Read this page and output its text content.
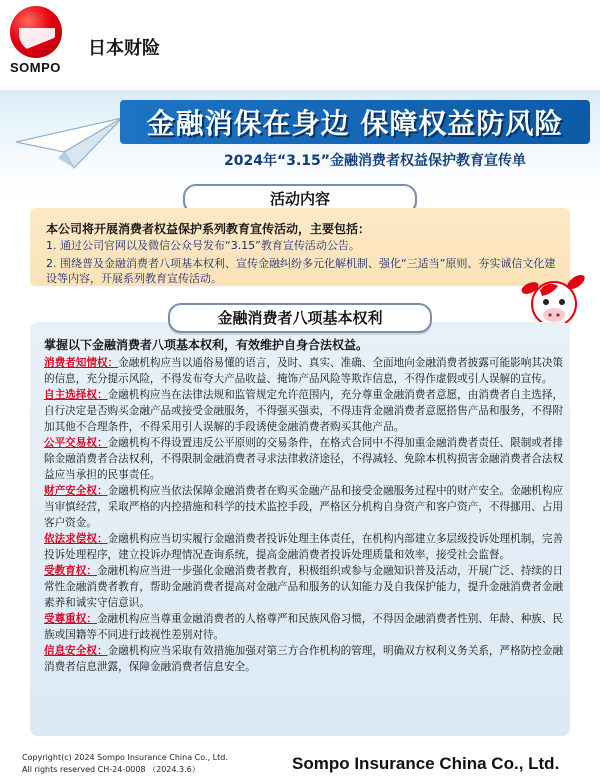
SOMPO
日本财险
金融消保在身边 保障权益防风险
2024年“3.15”金融消费者权益保护教育宣传单
活动内容
本公司将开展消费者权益保护系列教育宣传活动，主要包括：
1. 通过公司官网以及微信公众号发布“3.15”教育宣传活动公告。
2. 围绕普及金融消费者八项基本权利、宣传金融纠纷多元化解机制、强化“三适当”原则、夯实诚信文化建设等内容，开展系列教育宣传活动。
掌握以下金融消费者八项基本权利，有效维护自身合法权益。

消费者知情权：金融机构应当以通俗易懂的语言，及时、真实、准确、全面地向金融消费者披露可能影响其决策的信息，充分提示风险，不得发布夸大产品收益、掩饰产品风险等欺诈信息，不得作虚假或引人误解的宣传。

自主选择权：金融机构应当在法律法规和监管规定允许范围内，充分尊重金融消费者意愿，由消费者自主选择，自行决定是否购买金融产品或接受金融服务，不得强买强卖，不得违背金融消费者意愿搭售产品和服务，不得附加其他不合理条件，不得采用引人误解的手段诱使金融消费者购买其他产品。

公平交易权：金融机构不得设置违反公平原则的交易条件，在格式合同中不得加重金融消费者责任、限制或者排除金融消费者合法权利，不得限制金融消费者寻求法律救济途径，不得减轻、免除本机构损害金融消费者合法权益应当承担的民事责任。

财产安全权：金融机构应当依法保障金融消费者在购买金融产品和接受金融服务过程中的财产安全。金融机构应当审慎经营，采取严格的内控措施和科学的技术监控手段，严格区分机构自身资产和客户资产，不得挪用、占用客户资金。

依法求偿权：金融机构应当切实履行金融消费者投诉处理主体责任，在机构内部建立多层级投诉处理机制，完善投诉处理程序，建立投诉办理情况查询系统，提高金融消费者投诉处理质量和效率，接受社会监督。

受教育权：金融机构应当进一步强化金融消费者教育，积极组织或参与金融知识普及活动，开展广泛、持续的日常性金融消费者教育，帮助金融消费者提高对金融产品和服务的认知能力及自我保护能力，提升金融消费者金融素养和诚实守信意识。

受尊重权：金融机构应当尊重金融消费者的人格尊严和民族风俗习惯，不得因金融消费者性别、年龄、种族、民族或国籍等不同进行歧视性差别对待。

信息安全权：金融机构应当采取有效措施加强对第三方合作机构的管理，明确双方权利义务关系，严格防控金融消费者信息泄露，保障金融消费者信息安全。

金融消费者八项基本权利
Copyright(c) 2024 Sompo Insurance China Co., Ltd.
All rights reserved CH-24-0008 （2024.3.6）	Sompo Insurance China Co., Ltd.
